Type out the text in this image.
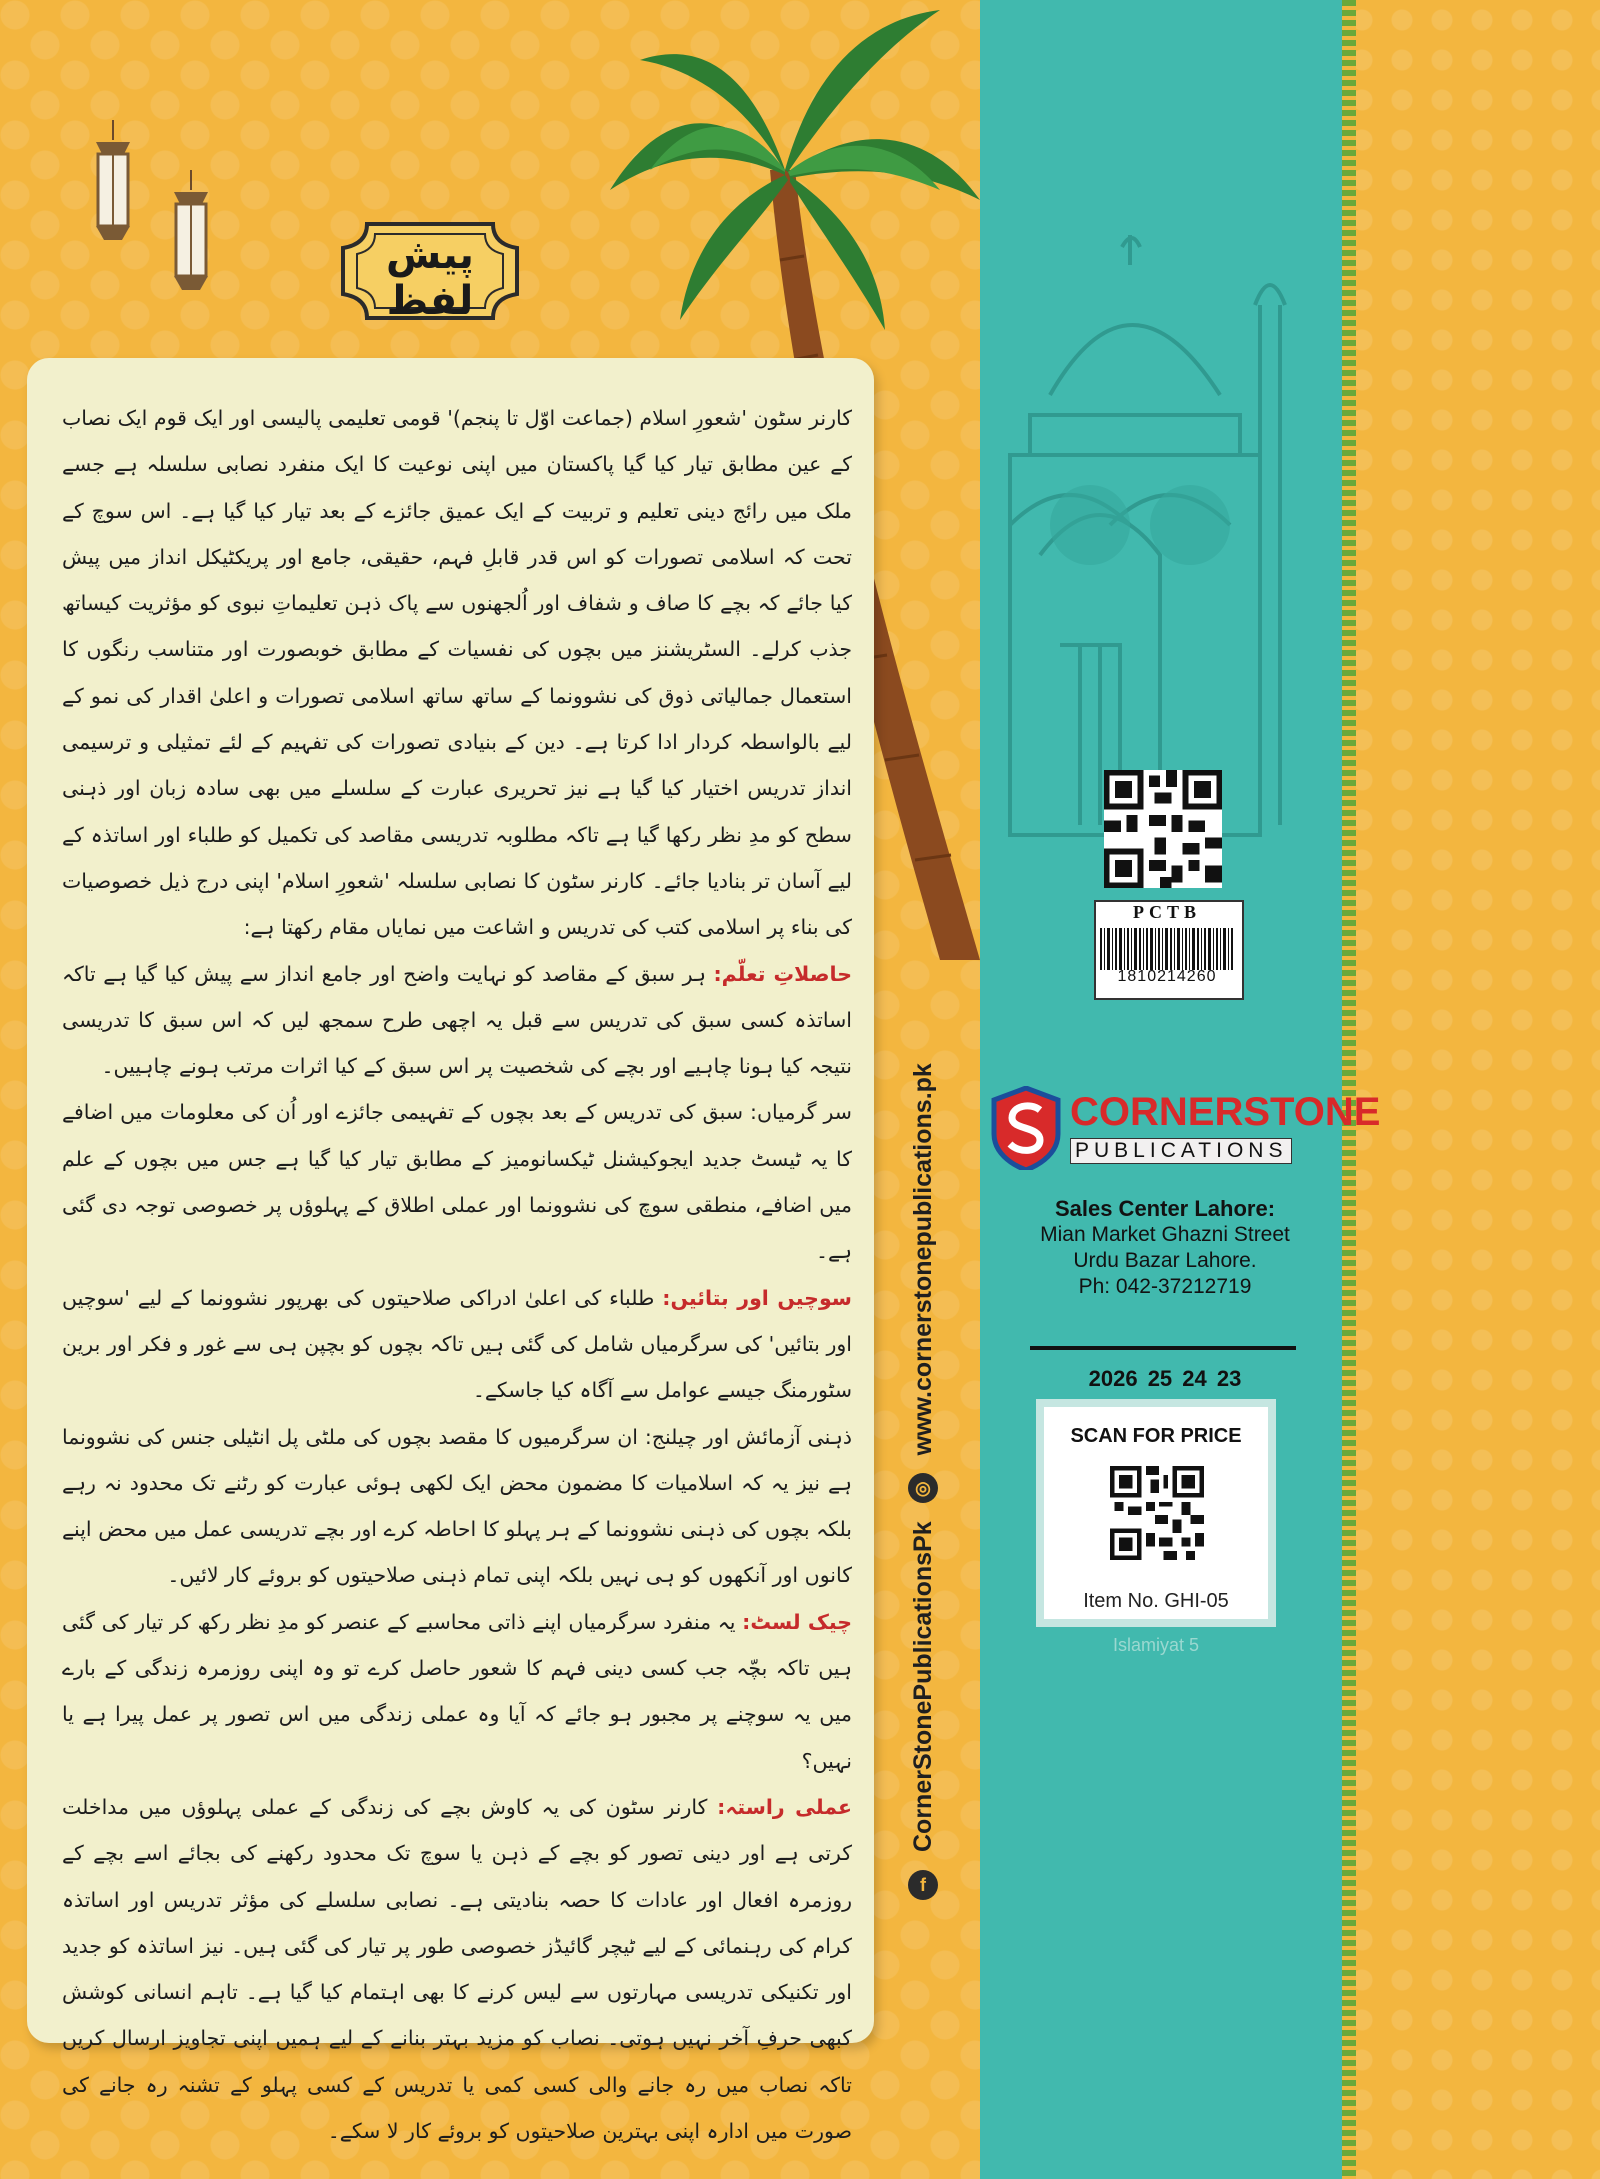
پیش لفظ

کارنر سٹون 'شعورِ اسلام (جماعت اوّل تا پنجم)' قومی تعلیمی پالیسی اور ایک قوم ایک نصاب کے عین مطابق تیار کیا گیا پاکستان میں اپنی نوعیت کا ایک منفرد نصابی سلسلہ ہے جسے ملک میں رائج دینی تعلیم و تربیت کے ایک عمیق جائزے کے بعد تیار کیا گیا ہے۔ اس سوچ کے تحت کہ اسلامی تصورات کو اس قدر قابلِ فہم، حقیقی، جامع اور پریکٹیکل انداز میں پیش کیا جائے کہ بچے کا صاف و شفاف اور اُلجھنوں سے پاک ذہن تعلیماتِ نبوی کو مؤثریت کیساتھ جذب کرلے۔ السٹریشنز میں بچوں کی نفسیات کے مطابق خوبصورت اور متناسب رنگوں کا استعمال جمالیاتی ذوق کی نشوونما کے ساتھ ساتھ اسلامی تصورات و اعلیٰ اقدار کی نمو کے لیے بالواسطہ کردار ادا کرتا ہے۔ دین کے بنیادی تصورات کی تفہیم کے لئے تمثیلی و ترسیمی انداز تدریس اختیار کیا گیا ہے نیز تحریری عبارت کے سلسلے میں بھی سادہ زبان اور ذہنی سطح کو مدِ نظر رکھا گیا ہے تاکہ مطلوبہ تدریسی مقاصد کی تکمیل کو طلباء اور اساتذہ کے لیے آسان تر بنادیا جائے۔ کارنر سٹون کا نصابی سلسلہ 'شعورِ اسلام' اپنی درج ذیل خصوصیات کی بناء پر اسلامی کتب کی تدریس و اشاعت میں نمایاں مقام رکھتا ہے:

حاصلاتِ تعلّم: ہر سبق کے مقاصد کو نہایت واضح اور جامع انداز سے پیش کیا گیا ہے تاکہ اساتذہ کسی سبق کی تدریس سے قبل یہ اچھی طرح سمجھ لیں کہ اس سبق کا تدریسی نتیجہ کیا ہونا چاہیے اور بچے کی شخصیت پر اس سبق کے کیا اثرات مرتب ہونے چاہییں۔

سر گرمیاں: سبق کی تدریس کے بعد بچوں کے تفہیمی جائزے اور اُن کی معلومات میں اضافے کا یہ ٹیسٹ جدید ایجوکیشنل ٹیکسانومیز کے مطابق تیار کیا گیا ہے جس میں بچوں کے علم میں اضافے، منطقی سوچ کی نشوونما اور عملی اطلاق کے پہلوؤں پر خصوصی توجہ دی گئی ہے۔

سوچیں اور بتائیں: طلباء کی اعلیٰ ادراکی صلاحیتوں کی بھرپور نشوونما کے لیے 'سوچیں اور بتائیں' کی سرگرمیاں شامل کی گئی ہیں تاکہ بچوں کو بچپن ہی سے غور و فکر اور برین سٹورمنگ جیسے عوامل سے آگاہ کیا جاسکے۔

ذہنی آزمائش اور چیلنج: ان سرگرمیوں کا مقصد بچوں کی ملٹی پل انٹیلی جنس کی نشوونما ہے نیز یہ کہ اسلامیات کا مضمون محض ایک لکھی ہوئی عبارت کو رٹنے تک محدود نہ رہے بلکہ بچوں کی ذہنی نشوونما کے ہر پہلو کا احاطہ کرے اور بچے تدریسی عمل میں محض اپنے کانوں اور آنکھوں کو ہی نہیں بلکہ اپنی تمام ذہنی صلاحیتوں کو بروئے کار لائیں۔

چیک لسٹ: یہ منفرد سرگرمیاں اپنے ذاتی محاسبے کے عنصر کو مدِ نظر رکھ کر تیار کی گئی ہیں تاکہ بچّہ جب کسی دینی فہم کا شعور حاصل کرے تو وہ اپنی روزمرہ زندگی کے بارے میں یہ سوچنے پر مجبور ہو جائے کہ آیا وہ عملی زندگی میں اس تصور پر عمل پیرا ہے یا نہیں؟

عملی راستہ: کارنر سٹون کی یہ کاوش بچے کی زندگی کے عملی پہلوؤں میں مداخلت کرتی ہے اور دینی تصور کو بچے کے ذہن یا سوچ تک محدود رکھنے کی بجائے اسے بچے کے روزمرہ افعال اور عادات کا حصہ بنادیتی ہے۔ نصابی سلسلے کی مؤثر تدریس اور اساتذہ کرام کی رہنمائی کے لیے ٹیچر گائیڈز خصوصی طور پر تیار کی گئی ہیں۔ نیز اساتذہ کو جدید اور تکنیکی تدریسی مہارتوں سے لیس کرنے کا بھی اہتمام کیا گیا ہے۔ تاہم انسانی کوشش کبھی حرفِ آخر نہیں ہوتی۔ نصاب کو مزید بہتر بنانے کے لیے ہمیں اپنی تجاویز ارسال کریں تاکہ نصاب میں رہ جانے والی کسی کمی یا تدریس کے کسی پہلو کے تشنہ رہ جانے کی صورت میں ادارہ اپنی بہترین صلاحیتوں کو بروئے کار لا سکے۔

f
CornerStonePublicationsPk
◎
www.cornerstonepublications.pk
PCTB
1810214260
CORNERSTONE
PUBLICATIONS
Sales Center Lahore:
Mian Market Ghazni Street
Urdu Bazar Lahore.
Ph: 042-37212719
2026 25 24 23
SCAN FOR PRICE
Item No. GHI-05
Islamiyat 5
